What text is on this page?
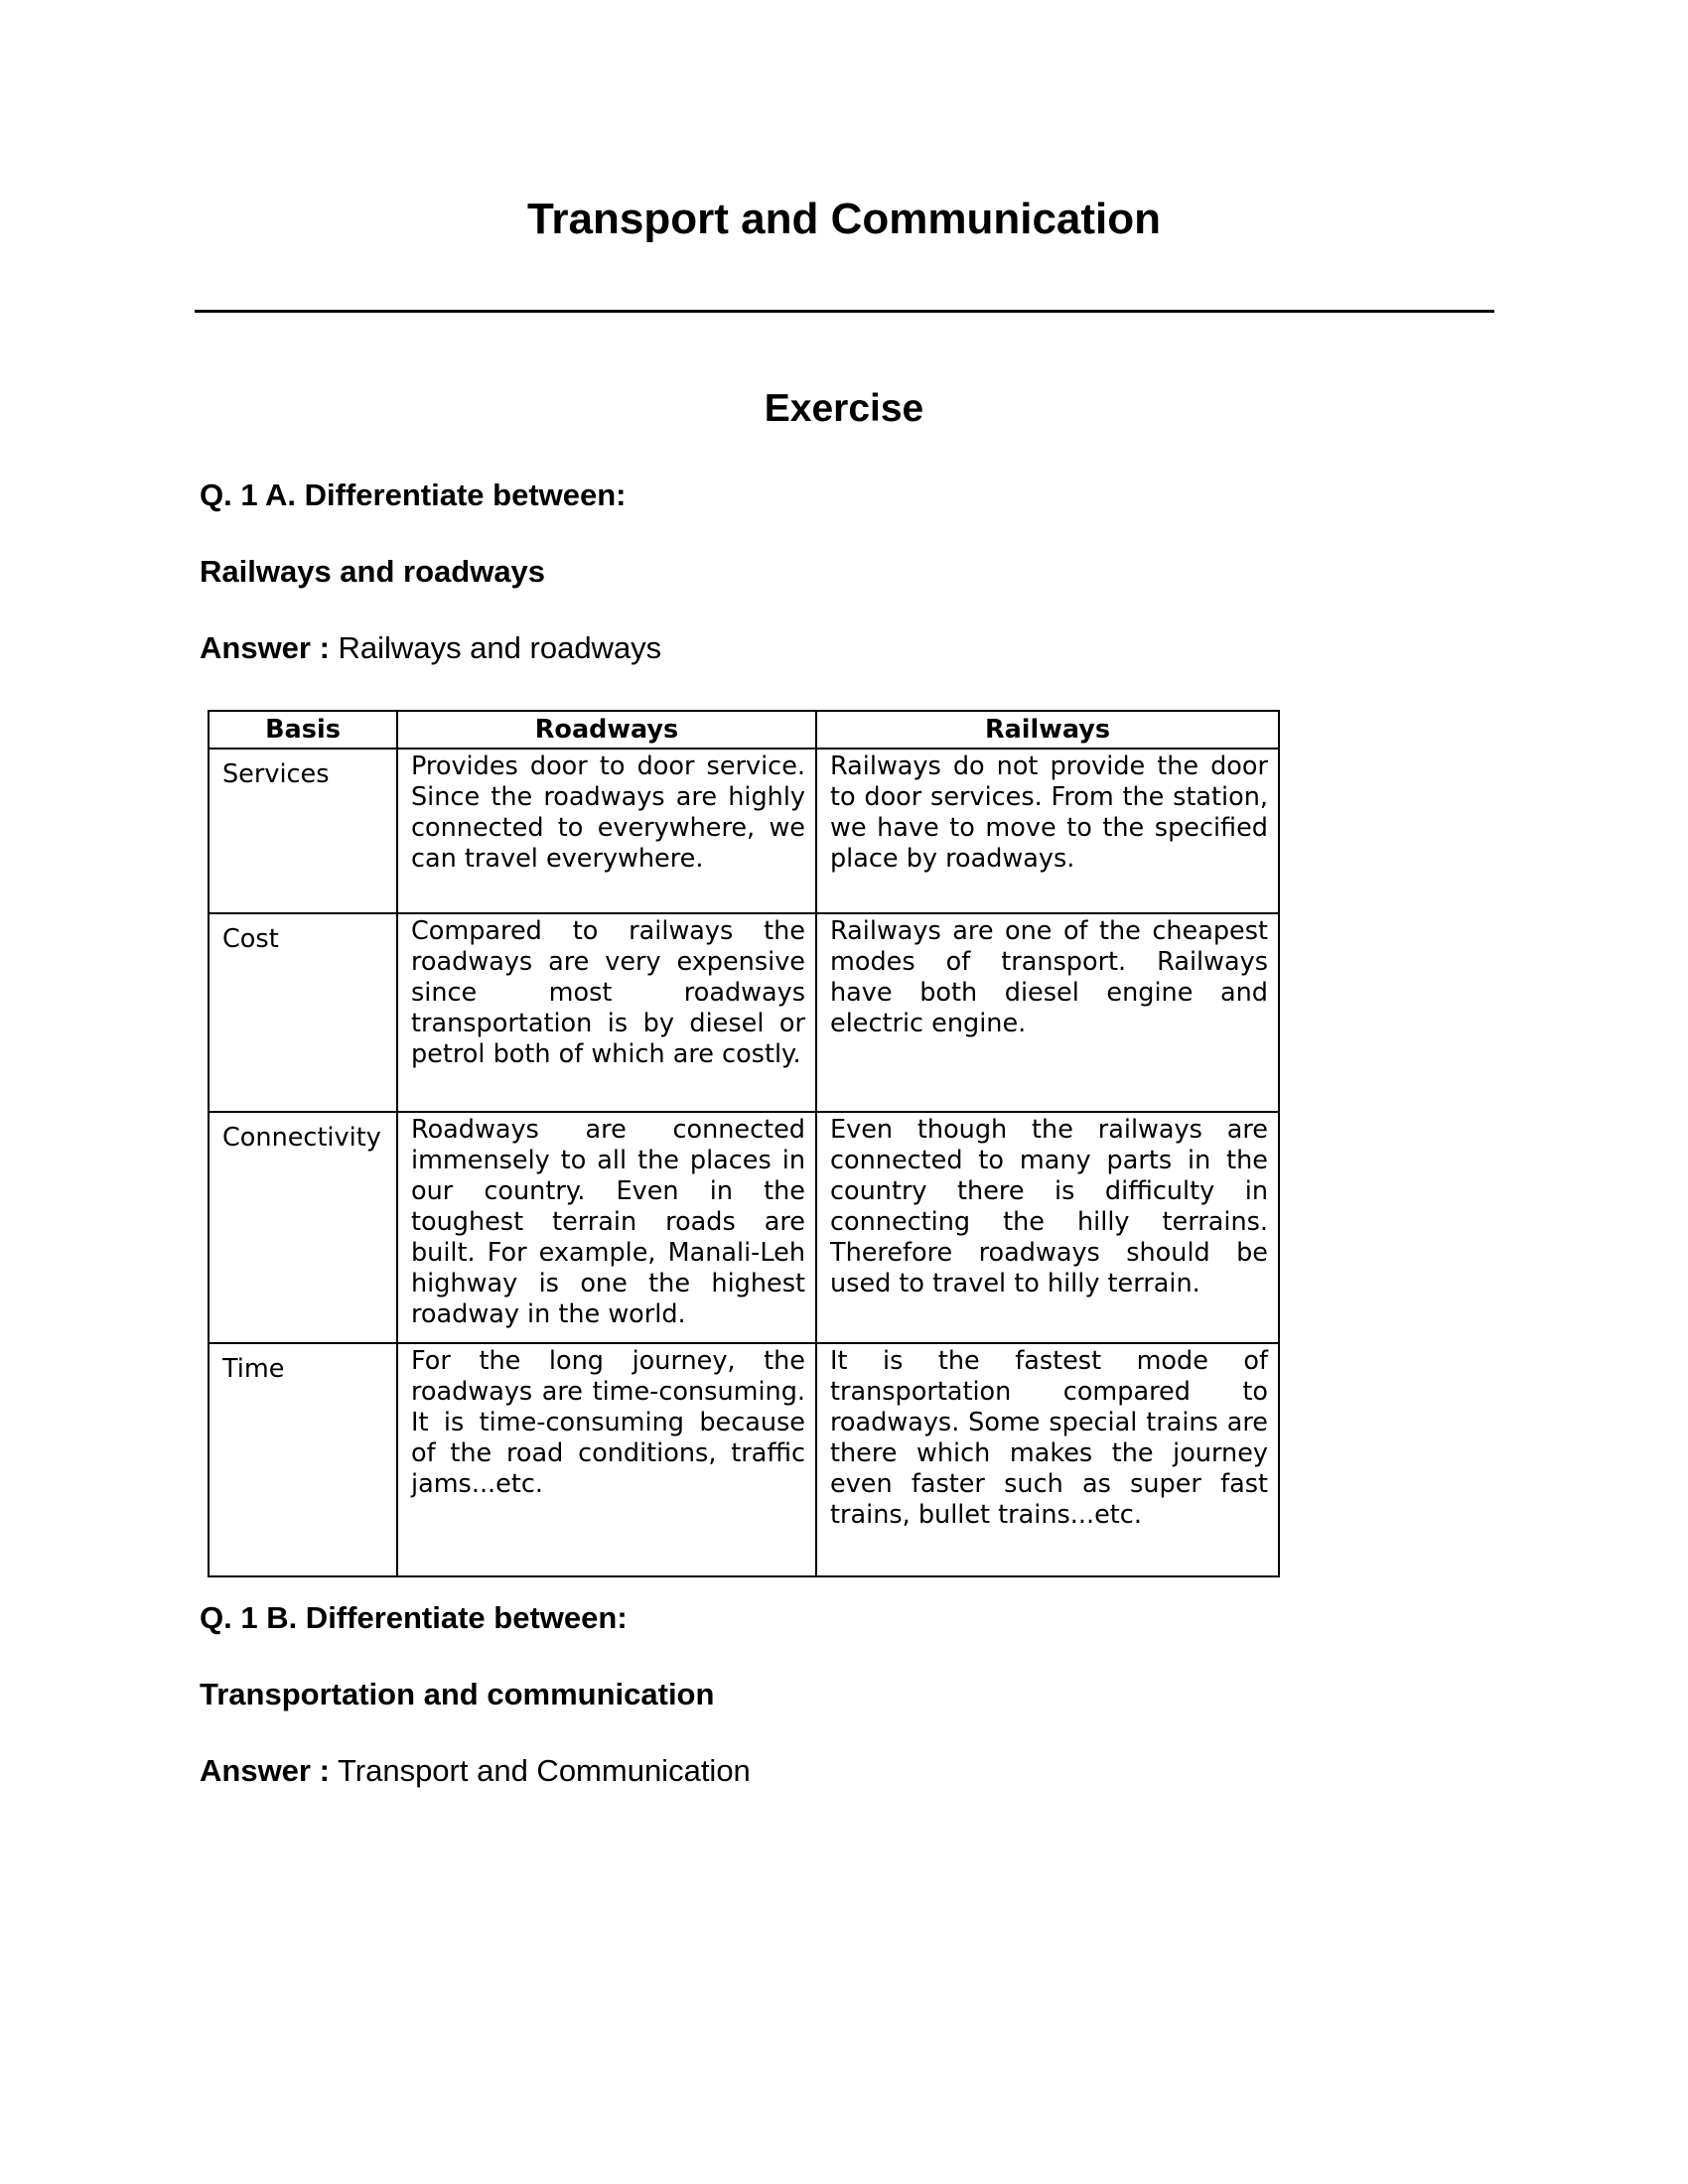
Transport and Communication
Exercise
Q. 1 A. Differentiate between:
Railways and roadways
Answer : Railways and roadways
Basis	Roadways	Railways
Services	Provides door to door service. Since the roadways are highly connected to everywhere, we can travel everywhere.	Railways do not provide the door to door services. From the station, we have to move to the specified place by roadways.
Cost	Compared to railways the roadways are very expensive since most roadways transportation is by diesel or petrol both of which are costly.	Railways are one of the cheapest modes of transport. Railways have both diesel engine and electric engine.
Connectivity	Roadways are connected immensely to all the places in our country. Even in the toughest terrain roads are built. For example, Manali-Leh highway is one the highest roadway in the world.	Even though the railways are connected to many parts in the country there is difficulty in connecting the hilly terrains. Therefore roadways should be used to travel to hilly terrain.
Time	For the long journey, the roadways are time-consuming. It is time-consuming because of the road conditions, traffic jams...etc.	It is the fastest mode of transportation compared to roadways. Some special trains are there which makes the journey even faster such as super fast trains, bullet trains...etc.
Q. 1 B. Differentiate between:
Transportation and communication
Answer : Transport and Communication
